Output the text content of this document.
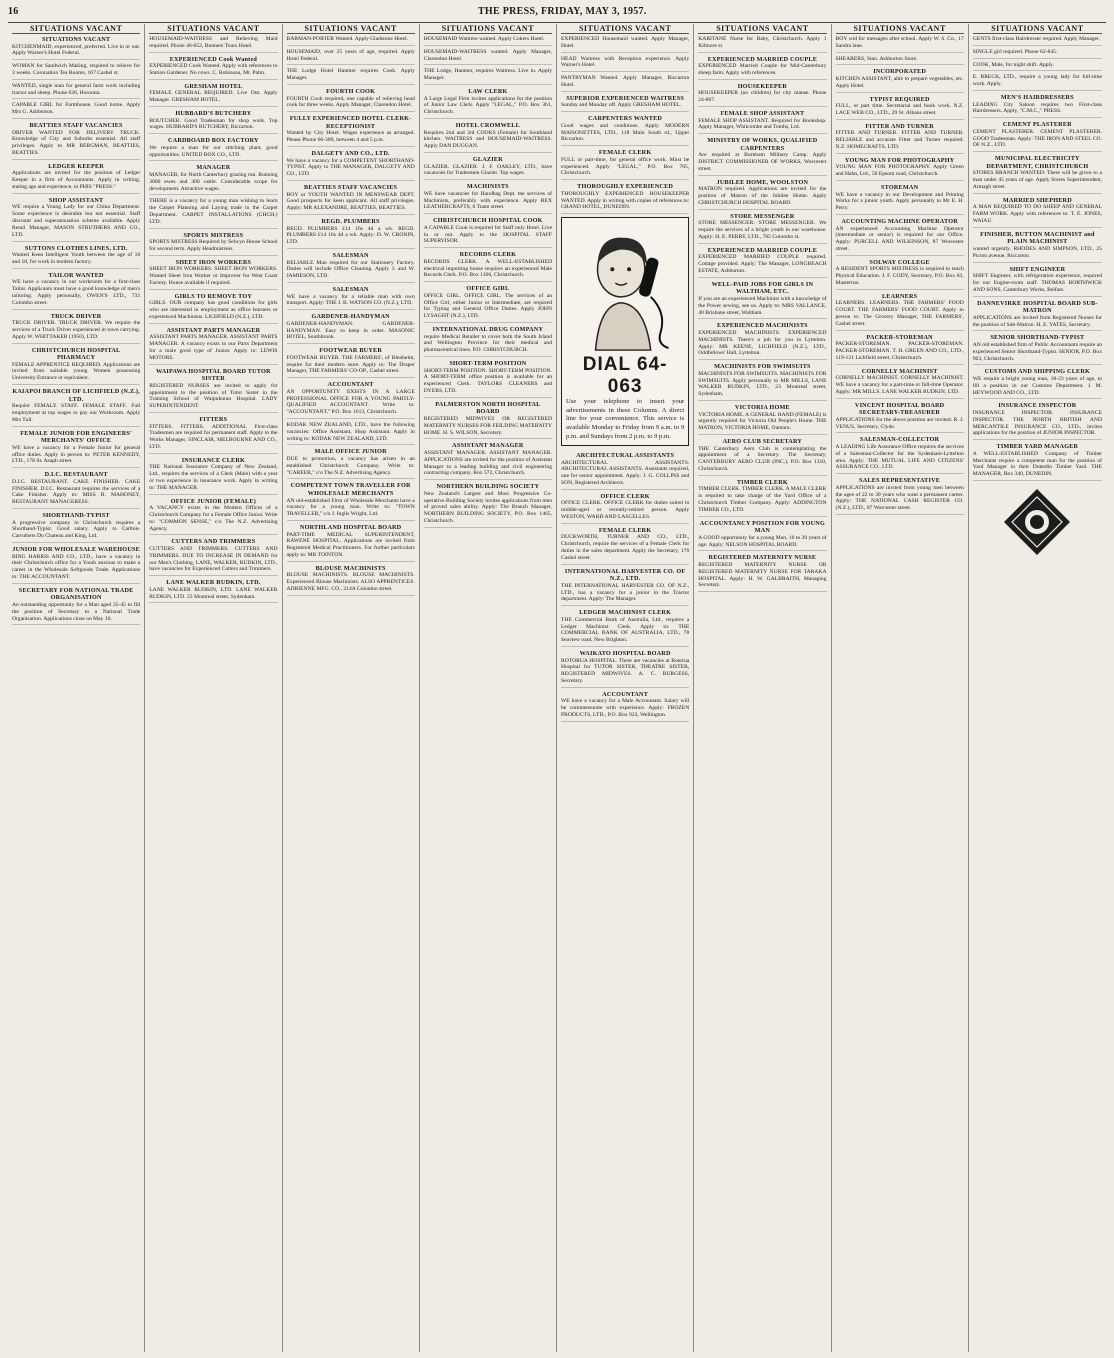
16	THE PRESS, FRIDAY, MAY 3, 1957.
SITUATIONS VACANT
SITUATIONS VACANT
KITCHENMAID, experienced, preferred. Live in or out. Apply Warner's Hotel Federal.
WOMAN for Sandwich Making, required to relieve for 3 weeks. Coronation Tea Rooms, 167 Cashel st.
WANTED, single man for general farm work including tractor and sheep. Phone 636, Hororata.
CAPABLE GIRL for Farmhouse. Good home. Apply Mrs G. Ashburton.
BEATTIES STAFF VACANCIES
DRIVER WANTED FOR DELIVERY TRUCK. Knowledge of City and Suburbs essential. All staff privileges. Apply to MR BERGMAN, BEATTIES, BEATTIES.
LEDGER KEEPER
Applications are invited for the position of Ledger Keeper in a firm of Accountants. Apply in writing, stating age and experience, to PHIS "PRESS."
SHOP ASSISTANT
WE require a Young Lady for our China Department. Some experience is desirable but not essential. Staff discount and superannuation scheme available. Apply Retail Manager, MASON STRUTHERS AND CO., LTD.
SUTTONS CLOTHES LINES, LTD.
Wanted Keen Intelligent Youth between the age of 16 and 18, for work in modern factory.
TAILOR WANTED
WE have a vacancy in our workroom for a first-class Tailor. Applicants must have a good knowledge of men's tailoring. Apply personally, OWEN'S LTD., 731 Colombo street.
TRUCK DRIVER
TRUCK DRIVER. TRUCK DRIVER. We require the services of a Truck Driver experienced in town carrying. Apply W. WHITTAKER (1950), LTD.
CHRISTCHURCH HOSPITAL PHARMACY
FEMALE APPRENTICE REQUIRED. Applications are invited from suitable young Women possessing University Entrance or equivalent.
KAIAPOI BRANCH OF LICHFIELD (N.Z.), LTD.
Require FEMALE STAFF. FEMALE STAFF. Full employment at top wages to pay our Workroom. Apply Mrs Tull.
FEMALE JUNIOR FOR ENGINEERS' MERCHANTS' OFFICE
WE have a vacancy for a Female Junior for general office duties. Apply in person to: PETER KENNEDY, LTD., 178 St. Asaph street.
D.I.C. RESTAURANT
D.I.C. RESTAURANT. CAKE FINISHER. CAKE FINISHER. D.I.C. Restaurant requires the services of a Cake Finisher. Apply to: MISS R. MAHONEY, RESTAURANT MANAGERESS.
SHORTHAND-TYPIST
A progressive company in Christchurch requires a Shorthand-Typist. Good salary. Apply to Carlton-Carruthers Du Chateau and King, Ltd.
JUNIOR FOR WHOLESALE WAREHOUSE
BING HARRIS AND CO., LTD., have a vacancy in their Christchurch office for a Youth anxious to make a career in the Wholesale Softgoods Trade. Applications to: THE ACCOUNTANT.
SECRETARY FOR NATIONAL TRADE ORGANISATION
An outstanding opportunity for a Man aged 35-45 to fill the position of Secretary to a National Trade Organisation. Applications close on May 10.
SITUATIONS VACANT
HOUSEMAID-WAITRESS and Relieving Maid required. Phone 46-652, Bonners Tours Hotel.
EXPERIENCED Cook Wanted
EXPERIENCED Cook Wanted. Apply with references to Station Gardener. No cows. C. Robinson, Mt. Palm.
GRESHAM HOTEL
FEMALE GENERAL REQUIRED. Live Out. Apply Manager. GRESHAM HOTEL.
HUBBARD'S BUTCHERY
BOUTCHER. Good Tradesman for shop work. Top wages. HUBBARD'S BUTCHERY, Riccarton.
CARDBOARD BOX FACTORY
We require a man for our stitching plant, good opportunities. UNITED BOX CO., LTD.
MANAGER
MANAGER, for North Canterbury grazing run. Running 3000 ewes and 300 cattle. Considerable scope for development. Attractive wages.
THERE is a vacancy for a young man wishing to learn the Carpet Planning and Laying trade in the Carpet Department. CARPET INSTALLATIONS (CHCH.) LTD.
SPORTS MISTRESS
SPORTS MISTRESS Required by Selwyn House School for second term. Apply Headmistress.
SHEET IRON WORKERS
SHEET IRON WORKERS. SHEET IRON WORKERS. Wanted Sheet Iron Worker or Improver for West Coast Factory. House available if required.
GIRLS TO REMOVE TOY
GIRLS. OUR company has good conditions for girls who are interested in employment as office learners or experienced Machinists. LICHFIELD (N.Z.), LTD.
ASSISTANT PARTS MANAGER
ASSISTANT PARTS MANAGER. ASSISTANT PARTS MANAGER. A vacancy exists in our Parts Department for a male good type of Junior. Apply to: LEWIS MOTORS.
WAIPAWA HOSPITAL BOARD TUTOR SISTER
REGISTERED NURSES are invited to apply for appointment to the position of Tutor Sister in the Training School of Waipukurau Hospital. LADY SUPERINTENDENT.
FITTERS
FITTERS. FITTERS. ADDITIONAL First-class Tradesmen are required for permanent staff. Apply to the Works Manager, SINCLAIR, MELBOURNE AND CO., LTD.
INSURANCE CLERK
THE National Insurance Company of New Zealand, Ltd., requires the services of a Clerk (Male) with a year or two experience in insurance work. Apply in writing to: THE MANAGER.
OFFICE JUNIOR (FEMALE)
A VACANCY exists in the Modern Offices of a Christchurch Company for a Female Office Junior. Write to: "COMMON SENSE," c/o The N.Z. Advertising Agency.
CUTTERS AND TRIMMERS
CUTTERS AND TRIMMERS. CUTTERS AND TRIMMERS. DUE TO INCREASE IN DEMAND for our Men's Clothing, LANE, WALKER, RUDKIN, LTD., have vacancies for Experienced Cutters and Trimmers.
LANE WALKER RUDKIN, LTD.
LANE WALKER RUDKIN, LTD. LANE WALKER RUDKIN, LTD. 23 Montreal street, Sydenham.
SITUATIONS VACANT
BARMAN-PORTER Wanted. Apply Gladstone Hotel.
HOUSEMAID, over 25 years of age, required. Apply Hotel Federal.
THE Lodge Hotel Hanmer requires Cook. Apply Manager.
FOURTH COOK
FOURTH Cook required, one capable of relieving head cook for three weeks. Apply Manager, Clarendon Hotel.
FULLY EXPERIENCED HOTEL CLERK-RECEPTIONIST
Wanted by City Hotel. Wages experience as arranged. Please Phone 60-389, between 4 and 5 p.m.
DALGETY AND CO., LTD.
We have a vacancy for a COMPETENT SHORTHAND-TYPIST. Apply to THE MANAGER, DALGETY AND CO., LTD.
BEATTIES STAFF VACANCIES
BOY or YOUTH WANTED IN MENSWEAR DEPT. Good prospects for keen applicant. All staff privileges. Apply: MR ALEXANDRE, BEATTIES, BEATTIES.
REGD. PLUMBERS
REGD. PLUMBERS £14 16s 4d a wk. REGD. PLUMBERS £14 16s 4d a wk. Apply: D. W. CRONIN, LTD.
SALESMAN
RELIABLE Man required for our Stationery Factory. Duties will include Office Cleaning. Apply J. and W. JAMIESON, LTD.
SALESMAN
WE have a vacancy for a reliable man with own transport. Apply: THE J. B. WATSON CO. (N.Z.), LTD.
GARDENER-HANDYMAN
GARDENER-HANDYMAN. GARDENER-HANDYMAN. Easy to keep in order. MASONIC HOTEL, Southbrook.
FOOTWEAR BUYER
FOOTWEAR BUYER. THE FARMERS', of Blenheim, require for their modern store. Apply to: The Draper Manager, THE FARMERS' CO-OP., Cashel street.
ACCOUNTANT
AN OPPORTUNITY EXISTS IN A LARGE PROFESSIONAL OFFICE FOR A YOUNG PARTLY-QUALIFIED ACCOUNTANT. Write to: "ACCOUNTANT," P.O. Box 1613, Christchurch.
KODAK NEW ZEALAND, LTD., have the following vacancies: Office Assistant, Shop Assistant. Apply in writing to: KODAK NEW ZEALAND, LTD.
MALE OFFICE JUNIOR
DUE to promotion, a vacancy has arisen in an established Christchurch Company. Write to: "CAREER," c/o The N.Z. Advertising Agency.
COMPETENT TOWN TRAVELLER FOR WHOLESALE MERCHANTS
AN old-established Firm of Wholesale Merchants have a vacancy for a young man. Write to: "TOWN TRAVELLER," c/o J. Inglis Wright, Ltd.
NORTHLAND HOSPITAL BOARD
PART-TIME MEDICAL SUPERINTENDENT, RAWENE HOSPITAL. Applications are invited from Registered Medical Practitioners. For further particulars apply to: MR TOINTON.
BLOUSE MACHINISTS
BLOUSE MACHINISTS. BLOUSE MACHINISTS. Experienced Blouse Machinists. ALSO APPRENTICES. ADRIENNE MFG. CO., 214A Colombo street.
SITUATIONS VACANT
HOUSEMAID Waitress wanted. Apply Cokers Hotel.
HOUSEMAID-WAITRESS wanted. Apply Manager, Clarendon Hotel.
THE Lodge, Hanmer, requires Waitress. Live in. Apply Manager.
LAW CLERK
A Large Legal Firm invites applications for the position of Junior Law Clerk. Apply "LEGAL," P.O. Box 361, Christchurch.
HOTEL CROMWELL
Requires 2nd and 3rd COOKS (Female) for Southland kitchen. WAITRESS and HOUSEMAID-WAITRESS. Apply DAN DUGGAN.
GLAZIER
GLAZIER. GLAZIER. J. F. OAKLEY, LTD., have vacancies for Tradesmen Glazier. Top wages.
MACHINISTS
WE have vacancies for Handbag Dept. the services of Machinists, preferably with experience. Apply REX LEATHERCRAFTS, 6 Tuam street.
CHRISTCHURCH HOSPITAL COOK
A CAPABLE Cook is required for Staff only Hotel. Live in or out. Apply to the HOSPITAL STAFF SUPERVISOR.
RECORDS CLERK
RECORDS CLERK. A WELL-ESTABLISHED electrical importing house requires an experienced Male Records Clerk. P.O. Box 1166, Christchurch.
OFFICE GIRL
OFFICE GIRL. OFFICE GIRL. The services of an Office Girl, either Junior or Intermediate, are required for Typing and General Office Duties. Apply JOHN LYSAGHT (N.Z.), LTD.
INTERNATIONAL DRUG COMPANY
require Medical Retailer to cover both the South Island and Wellington Province for their medical and pharmaceutical lines. P.O. CHRISTCHURCH.
SHORT-TERM POSITION
SHORT-TERM POSITION. SHORT-TERM POSITION. A SHORT-TERM office position is available for an experienced Clerk. TAYLORS CLEANERS and DYERS, LTD.
PALMERSTON NORTH HOSPITAL BOARD
REGISTERED MIDWIVES OR REGISTERED MATERNITY NURSES FOR FEILDING MATERNITY HOME. H. S. WILSON, Secretary.
ASSISTANT MANAGER
ASSISTANT MANAGER. ASSISTANT MANAGER. APPLICATIONS are invited for the position of Assistant Manager to a leading building and civil engineering contracting company. Box 572, Christchurch.
NORTHERN BUILDING SOCIETY
New Zealand's Largest and Most Progressive Co-operative Building Society invites applications from men of proved sales ability. Apply: The Branch Manager, NORTHERN BUILDING SOCIETY, P.O. Box 1465, Christchurch.
SITUATIONS VACANT
EXPERIENCED Housemaid wanted. Apply Manager, Hotel.
HEAD Waitress with Reception experience. Apply Warner's Hotel.
PANTRYMAN Wanted. Apply Manager, Riccarton Hotel.
SUPERIOR EXPERIENCED WAITRESS
Sunday and Monday off. Apply GRESHAM HOTEL.
CARPENTERS WANTED
Good wages and conditions. Apply MODERN MAISONETTES, LTD., 118 Main South rd., Upper Riccarton.
FEMALE CLERK
FULL or part-time, for general office work. Must be experienced. Apply "LEGAL," P.O. Box 705, Christchurch.
THOROUGHLY EXPERIENCED
THOROUGHLY EXPERIENCED HOUSEKEEPER WANTED. Apply in writing with copies of references to: GRAND HOTEL, DUNEDIN.
DIAL 64-063
Use your telephone to insert your advertisements in these Columns. A direct line for your convenience. This service is available Monday to Friday from 9 a.m. to 9 p.m. and Sundays from 2 p.m. to 9 p.m.
ARCHITECTURAL ASSISTANTS
ARCHITECTURAL ASSISTANTS. ARCHITECTURAL ASSISTANTS. Assistants required, one for senior appointment. Apply: J. G. COLLINS and SON, Registered Architects.
OFFICE CLERK
OFFICE CLERK. OFFICE CLERK for duties suited to middle-aged or recently-retired person. Apply WESTON, WARD AND LASCELLES.
FEMALE CLERK
DUCKWORTH, TURNER AND CO., LTD., Christchurch, require the services of a Female Clerk for duties in the sales department. Apply the Secretary, 176 Cashel street.
INTERNATIONAL HARVESTER CO. OF N.Z., LTD.
THE INTERNATIONAL HARVESTER CO. OF N.Z., LTD., has a vacancy for a junior in the Tractor department. Apply: The Manager.
LEDGER MACHINIST CLERK
THE Commercial Bank of Australia, Ltd., requires a Ledger Machinist Clerk. Apply to: THE COMMERCIAL BANK OF AUSTRALIA, LTD., 78 Seaview road, New Brighton.
WAIKATO HOSPITAL BOARD
ROTORUA HOSPITAL. There are vacancies at Rotorua Hospital for TUTOR SISTER, THEATRE SISTER, REGISTERED MIDWIVES. A. C. BURGESS, Secretary.
ACCOUNTANT
WE have a vacancy for a Male Accountant. Salary will be commensurate with experience. Apply: FROZEN PRODUCTS, LTD., P.O. Box 923, Wellington.
SITUATIONS VACANT
KARITANE Nurse for Baby, Christchurch. Apply 1 Kilmore st.
EXPERIENCED MARRIED COUPLE
EXPERIENCED Married Couple for Mid-Canterbury sheep farm. Apply with references.
HOUSEKEEPER
HOUSEKEEPER (no children) for city manse. Phone 24-867.
FEMALE SHOP ASSISTANT
FEMALE SHOP ASSISTANT. Required for Bookshop. Apply Manager, Whitcombe and Tombs, Ltd.
MINISTRY OF WORKS, QUALIFIED CARPENTERS
Are required at Burnham Military Camp. Apply DISTRICT COMMISSIONER OF WORKS, Worcester street.
JUBILEE HOME, WOOLSTON
MATRON required. Applications are invited for the position of Matron of the Jubilee Home. Apply CHRISTCHURCH HOSPITAL BOARD.
STORE MESSENGER
STORE MESSENGER. STORE MESSENGER. We require the services of a bright youth in our warehouse. Apply: H. E. PERRY, LTD., 765 Colombo st.
EXPERIENCED MARRIED COUPLE
EXPERIENCED MARRIED COUPLE required. Cottage provided. Apply: The Manager, LONGBEACH ESTATE, Ashburton.
WELL-PAID JOBS FOR GIRLS IN WALTHAM, ETC.
If you are an experienced Machinist with a knowledge of the Power sewing, see us. Apply to: MRS VALLANCE, 40 Brisbane street, Waltham.
EXPERIENCED MACHINISTS
EXPERIENCED MACHINISTS. EXPERIENCED MACHINISTS. There's a job for you in Lyttelton. Apply: MR KEENE, LICHFIELD (N.Z.), LTD., Oddfellows' Hall, Lyttelton.
MACHINISTS FOR SWIMSUITS
MACHINISTS FOR SWIMSUITS. MACHINISTS FOR SWIMSUITS. Apply personally to MR MILLS, LANE WALKER RUDKIN, LTD., 23 Montreal street, Sydenham.
VICTORIA HOME
VICTORIA HOME. A GENERAL HAND (FEMALE) is urgently required for Victoria Old People's Home. THE MATRON, VICTORIA HOME, Oamaru.
AERO CLUB SECRETARY
THE Canterbury Aero Club is contemplating the appointment of a Secretary. The Secretary, CANTERBURY AERO CLUB (INC.), P.O. Box 1310, Christchurch.
TIMBER CLERK
TIMBER CLERK. TIMBER CLERK. A MALE CLERK is required to take charge of the Yard Office of a Christchurch Timber Company. Apply: ADDINGTON TIMBER CO., LTD.
ACCOUNTANCY POSITION FOR YOUNG MAN
A GOOD opportunity for a young Man, 16 to 20 years of age. Apply: NELSON HOSPITAL BOARD.
REGISTERED MATERNITY NURSE
REGISTERED MATERNITY NURSE OR REGISTERED MATERNITY NURSE FOR TARAKA HOSPITAL. Apply: H. W. GALBRAITH, Managing Secretary.
SITUATIONS VACANT
BOY wid for messages after school. Apply W. S. Co., 17 Sandra lane.
SHEARERS, Stan. Ashburton Store.
INCORPORATED
KITCHEN ASSISTANT, able to prepare vegetables, etc. Apply Hotel.
TYPIST REQUIRED
FULL, or part time. Secretarial and book work. N.Z. LACE WEB CO., LTD., 29 St. Albans street.
FITTER AND TURNER
FITTER AND TURNER. FITTER AND TURNER. RELIABLE and accurate Fitter and Turner required. N.Z. HOMECRAFTS, LTD.
YOUNG MAN FOR PHOTOGRAPHY
YOUNG MAN FOR PHOTOGRAPHY. Apply Green and Hahn, Ltd., 50 Epsom road, Christchurch.
STOREMAN
WE have a vacancy in our Development and Printing Works for a junior youth. Apply personally to Mr E. H. Perry.
ACCOUNTING MACHINE OPERATOR
AN experienced Accounting Machine Operator (intermediate or senior) is required for our Office. Apply: PURCELL AND WILKINSON, 87 Worcester street.
SOLWAY COLLEGE
A RESIDENT SPORTS MISTRESS is required to teach Physical Education. J. F. CODY, Secretary, P.O. Box 63, Masterton.
LEARNERS
LEARNERS. LEARNERS. THE FARMERS' FOOD COURT. THE FARMERS' FOOD COURT. Apply in person to: The Grocery Manager, THE FARMERS', Cashel street.
PACKER-STOREMAN
PACKER-STOREMAN. PACKER-STOREMAN. PACKER-STOREMAN. T. H. GREEN AND CO., LTD., 119-121 Lichfield street, Christchurch.
CORNELLY MACHINIST
CORNELLY MACHINIST. CORNELLY MACHINIST. WE have a vacancy for a part-time or full-time Operator. Apply: MR MILLS, LANE WALKER RUDKIN, LTD.
VINCENT HOSPITAL BOARD SECRETARY-TREASURER
APPLICATIONS for the above position are invited. R. J. VENUS, Secretary, Clyde.
SALESMAN-COLLECTOR
A LEADING Life Assurance Office requires the services of a Salesman-Collector for the Sydenham-Lyttelton area. Apply: THE MUTUAL LIFE AND CITIZENS' ASSURANCE CO., LTD.
SALES REPRESENTATIVE
APPLICATIONS are invited from young men between the ages of 22 to 30 years who want a permanent career. Apply: THE NATIONAL CASH REGISTER CO. (N.Z.), LTD., 87 Worcester street.
SITUATIONS VACANT
GENTS first-class Hairdresser required. Apply Manager.
SINGLE girl required. Phone 62-845.
COOK, Male, for night shift. Apply.
E. BRECK, LTD., require a young lady for full-time work. Apply.
MEN'S HAIRDRESSERS
LEADING City Saloon requires two First-class Hairdressers. Apply, "C.M.C.," PRESS.
CEMENT PLASTERER
CEMENT PLASTERER. CEMENT PLASTERER. GOOD Tradesman. Apply: THE IRON AND STEEL CO. OF N.Z., LTD.
MUNICIPAL ELECTRICITY DEPARTMENT, CHRISTCHURCH
STORES BRANCH WANTED: There will be given to a man under 45 years of age. Apply Stores Superintendent, Armagh street.
MARRIED SHEPHERD
A MAN REQUIRED TO DO SHEEP AND GENERAL FARM WORK. Apply with references to: T. E. JONES, WAIAU.
FINISHER, BUTTON MACHINIST and PLAIN MACHINIST
wanted urgently. RHODES AND SIMPSON, LTD., 25 Picton avenue, Riccarton.
SHIFT ENGINEER
SHIFT Engineer, with refrigeration experience, required for our Engine-room staff. THOMAS BORTHWICK AND SONS, Canterbury Works, Belfast.
DANNEVIRKE HOSPITAL BOARD SUB-MATRON
APPLICATIONS are invited from Registered Nurses for the position of Sub-Matron. H. E. YATES, Secretary.
SENIOR SHORTHAND-TYPIST
AN old established firm of Public Accountants require an experienced Senior Shorthand-Typist. SENIOR, P.O. Box 963, Christchurch.
CUSTOMS AND SHIPPING CLERK
WE require a bright young man, 18-23 years of age, to fill a position in our Customs Department. J. M. HEYWOOD AND CO., LTD.
INSURANCE INSPECTOR
INSURANCE INSPECTOR. INSURANCE INSPECTOR. THE NORTH BRITISH AND MERCANTILE INSURANCE CO., LTD., invites applications for the position of JUNIOR INSPECTOR.
TIMBER YARD MANAGER
A WELL-ESTABLISHED Company of Timber Merchants require a competent man for the position of Yard Manager in their Dunedin Timber Yard. THE MANAGER, Box 340, DUNEDIN.
